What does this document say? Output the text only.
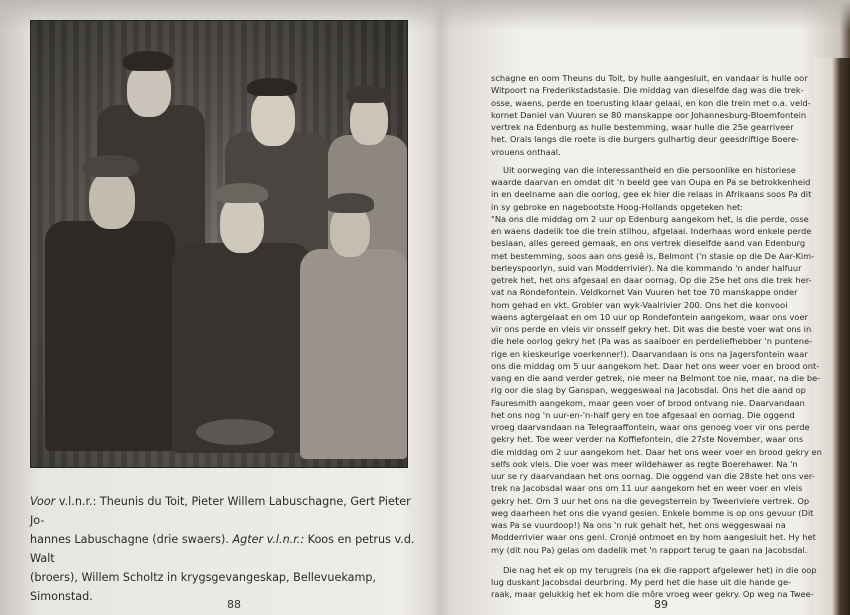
Voor v.l.n.r.: Theunis du Toit, Pieter Willem Labuschagne, Gert Pieter Jo-
hannes Labuschagne (drie swaers). Agter v.l.n.r.: Koos en petrus v.d. Walt
(broers), Willem Scholtz in krygsgevangeskap, Bellevuekamp, Simonstad.
88
schagne en oom Theuns du Toit, by hulle aangesluit, en vandaar is hulle oor
Witpoort na Frederikstadstasie. Die middag van dieselfde dag was die trek-
osse, waens, perde en toerusting klaar gelaai, en kon die trein met o.a. veld-
kornet Daniel van Vuuren se 80 manskappe oor Johannesburg-Bloemfontein
vertrek na Edenburg as hulle bestemming, waar hulle die 25e gearriveer
het. Orals langs die roete is die burgers gulhartig deur geesdriftige Boere-
vrouens onthaal.
Uit oorweging van die interessantheid en die persoonlike en historiese
waarde daarvan en omdat dit 'n beeld gee van Oupa en Pa se betrokkenheid
in en deelname aan die oorlog, gee ek hier die relaas in Afrikaans soos Pa dit
in sy gebroke en nagebootste Hoog-Hollands opgeteken het:
"Na ons die middag om 2 uur op Edenburg aangekom het, is die perde, osse
en waens dadelik toe die trein stilhou, afgelaai. Inderhaas word enkele perde
beslaan, alles gereed gemaak, en ons vertrek dieselfde aand van Edenburg
met bestemming, soos aan ons gesê is, Belmont ('n stasie op die De Aar-Kim-
berleyspoorlyn, suid van Modderrivier). Na die kommando 'n ander halfuur
getrek het, het ons afgesaal en daar oornag. Op die 25e het ons die trek her-
vat na Rondefontein. Veldkornet Van Vuuren het toe 70 manskappe onder
hom gehad en vkt. Grobler van wyk-Vaalrivier 200. Ons het die konvooi
waens agtergelaat en om 10 uur op Rondefontein aangekom, waar ons voer
vir ons perde en vleis vir onsself gekry het. Dit was die beste voer wat ons in
die hele oorlog gekry het (Pa was as saaiboer en perdeliefhebber 'n puntene-
rige en kieskeurige voerkenner!). Daarvandaan is ons na Jagersfontein waar
ons die middag om 5 uur aangekom het. Daar het ons weer voer en brood ont-
vang en die aand verder getrek, nie meer na Belmont toe nie, maar, na die be-
rig oor die slag by Ganspan, weggeswaai na Jacobsdal. Ons het die aand op
Fauresmith aangekom, maar geen voer of brood ontvang nie. Daarvandaan
het ons nog 'n uur-en-'n-half gery en toe afgesaal en oornag. Die oggend
vroeg daarvandaan na Telegraaffontein, waar ons genoeg voer vir ons perde
gekry het. Toe weer verder na Koffiefontein, die 27ste November, waar ons
die middag om 2 uur aangekom het. Daar het ons weer voer en brood gekry en
selfs ook vleis. Die voer was meer wildehawer as regte Boerehawer. Na 'n
uur se ry daarvandaan het ons oornag. Die oggend van die 28ste het ons ver-
trek na Jacobsdal waar ons om 11 uur aangekom het en weer voer en vleis
gekry het. Om 3 uur het ons na die gevegsterrein by Tweeriviere vertrek. Op
weg daarheen het ons die vyand gesien. Enkele bomme is op ons gevuur (Dit
was Pa se vuurdoop!) Na ons 'n ruk gehalt het, het ons weggeswaai na
Modderrivier waar ons genl. Cronjé ontmoet en by hom aangesluit het. Hy het
my (dit nou Pa) gelas om dadelik met 'n rapport terug te gaan na Jacobsdal.
Die nag het ek op my terugreis (na ek die rapport afgelewer het) in die oop
lug duskant Jacobsdal deurbring. My perd het die hase uit die hande ge-
raak, maar gelukkig het ek hom die môre vroeg weer gekry. Op weg na Twee-
89
